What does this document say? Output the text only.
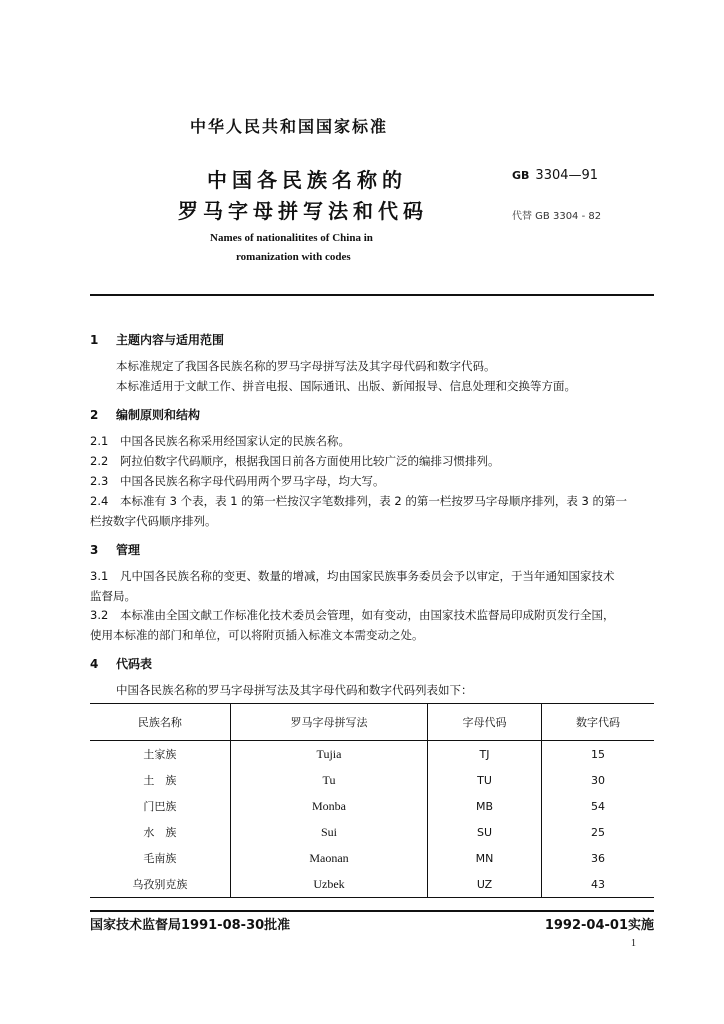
中华人民共和国国家标准
中国各民族名称的
罗马字母拼写法和代码
GB 3304—91
代替 GB 3304 - 82
Names of nationalitites of China in
romanization with codes
1 主题内容与适用范围
本标准规定了我国各民族名称的罗马字母拼写法及其字母代码和数字代码。
本标准适用于文献工作、拼音电报、国际通讯、出版、新闻报导、信息处理和交换等方面。
2 编制原则和结构
2.1 中国各民族名称采用经国家认定的民族名称。
2.2 阿拉伯数字代码顺序，根据我国日前各方面使用比较广泛的编排习惯排列。
2.3 中国各民族名称字母代码用两个罗马字母，均大写。
2.4 本标准有 3 个表，表 1 的第一栏按汉字笔数排列，表 2 的第一栏按罗马字母顺序排列，表 3 的第一
栏按数字代码顺序排列。
3 管理
3.1 凡中国各民族名称的变更、数量的增减，均由国家民族事务委员会予以审定，于当年通知国家技术
监督局。
3.2 本标准由全国文献工作标准化技术委员会管理，如有变动，由国家技术监督局印成附页发行全国，
使用本标准的部门和单位，可以将附页插入标准文本需变动之处。
4 代码表
中国各民族名称的罗马字母拼写法及其字母代码和数字代码列表如下：
民族名称	罗马字母拼写法	字母代码	数字代码
土家族	Tujia	TJ	15
土　族	Tu	TU	30
门巴族	Monba	MB	54
水　族	Sui	SU	25
毛南族	Maonan	MN	36
乌孜别克族	Uzbek	UZ	43
国家技术监督局1991-08-30批准	1992-04-01实施
1
